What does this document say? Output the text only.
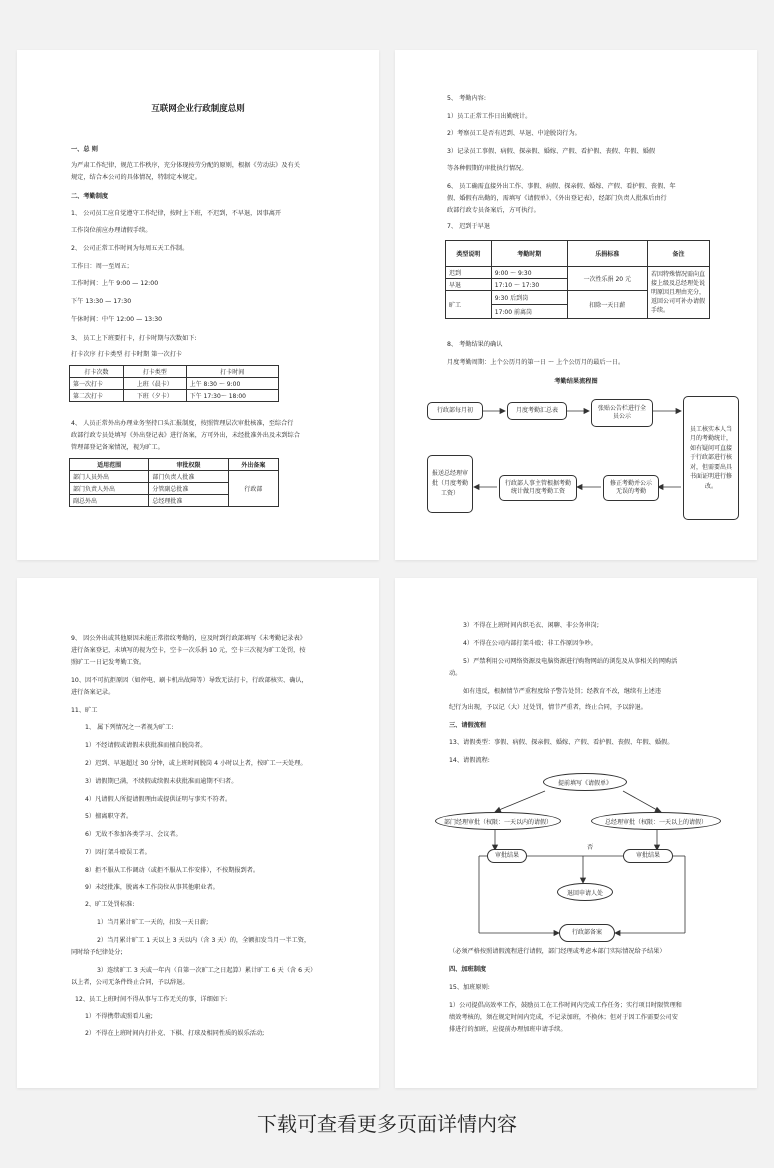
互联网企业行政制度总则
一、总 则
为严肃工作纪律，规范工作秩序，充分体现按劳分配的原则，根据《劳动法》及有关
规定，结合本公司的具体情况，特制定本规定。
二、考勤制度
1、 公司员工应自觉遵守工作纪律，按时上下班，不迟到，不早退，因事离开
工作岗位前应办理请假手续。
2、 公司正常工作时间为每周五天工作制。
工作日：周一至周五；
工作时间：上午 9:00 — 12:00
下午 13:30 — 17:30
午休时间：中午 12:00 — 13:30
3、 员工上下班要打卡，打卡时期与次数如下:
打卡次序 打卡类型 打卡时期 第一次打卡
打卡次数	打卡类型	打卡时间
第一次打卡	上班（晨卡）	上午 8:30 ～ 9:00
第二次打卡	下班（夕卡）	下午 17:30～ 18:00
4、 人员正常外出办理业务坚持口头汇报制度，按照管理层次审批核准，至综合行
政部行政专员处填写《外出登记表》进行备案，方可外出，未经批准外出及未到综合
管理部登记备案情况，视为旷工。
适用范围	审批权限	外出备案
部门人员外出	部门负责人批准	行政部
部门负责人外出	分管副总批准	
副总外出	总经理批准	
5、 考勤内容:
1）员工正常工作日出勤统计。
2）考察员工是否有迟到、早退、中途脱岗行为。
3）记录员工事假、病假、探亲假、婚嫁、产假、看护假、丧假、年假、婚假
等各种假期的审批执行情况。
6、 员工确需直接外出工作、事假、病假、探亲假、婚嫁、产假、看护假、丧假、年
假、婚假有出勤的，需填写《请假单》、《外出登记表》，经部门负责人批准后由行
政部行政专员备案后，方可执行。
7、 迟到于早退
类型说明	考勤时期	乐捐标准	备注
迟到	9:00 ～ 9:30	一次性乐捐 20 元	若因特殊情况需向直接上级及总经理处说明原因且理由充分，返回公司可补办请假手续。
早退	17:10 ～ 17:30		
旷工	9:30 后到岗	扣除一天日薪	
	17:00 前离岗		
8、 考勤结果的确认
月度考勤周期：上个公历月的第一日 ～ 上个公历月的最后一日。
考勤结果流程图
行政部每月初	月度考勤汇总表	张贴公告栏进行全员公示
员工核实本人当月的考勤统计，如有疑问可直接于行政部进行核对，但需要出具书面证明进行修改。
修正考勤并公示无误的考勤
行政部人事主管根据考勤统计做月度考勤工资
报送总经理审批（月度考勤工资）
9、 因公外出或其他原因未能正常指纹考勤的，应及时到行政部填写《未考勤记录表》
进行备案登记，未填写的视为空卡，空卡一次乐捐 10 元，空卡三次视为旷工处罚，按
照旷工一日记发考勤工资。
10、因不可抗拒原因（如停电、刷卡机出故障等）导致无法打卡，行政部核实、确认，
进行备案记录。
11、旷工
1、 属下列情况之一者视为旷工:
1）不经请假或请假未获批准而擅自脱岗者。
2）迟到、早退超过 30 分钟，或上班时间脱岗 4 小时以上者，按旷工一天处理。
3）请假期已满，不续假或续假未获批准而逾期不归者。
4）凡请假人所提请假理由或提供证明与事实不符者。
5）擅离职守者。
6）无故不参加各类学习、会议者。
7）因打架斗殴误工者。
8）拒不服从工作调动（或拒不服从工作安排），不按期报到者。
9）未经批准，脱离本工作岗位从事其他职业者。
2、旷工处罚标准:
1）当月累计旷工一天的，扣发一天日薪;
2）当月累计旷工 1 天以上 3 天以内（含 3 天）的，全额扣发当月一半工资，
同时给予纪律处分;
3）连续旷工 3 天或一年内（自第一次旷工之日起算）累计旷工 6 天（含 6 天）
以上者，公司无条件终止合同，予以辞退。
12、员工上班时间不得从事与工作无关的事，详细如下:
1）不得携带或照看儿童;
2）不得在上班时间内打扑克、下棋、打球及相同性质的娱乐活动;
3）不得在上班时间内织毛衣、闲聊、非公务串岗;
4）不得在公司内部打架斗殴；非工作原因争吵。
5）严禁利用公司网络资源及电脑资源进行购物网站的浏览及从事相关的网购活
动。
如有违反，根据情节严重程度给予警告处罚；经教育不改，继续有上述违
纪行为出现，予以记（大）过处罚，情节严重者，终止合同，予以辞退。
三、请假流程
13、请假类型：事假、病假、探亲假、婚嫁、产假、看护假、丧假、年假、婚假。
14、请假流程:
提前填写《请假单》
部门经理审批（权限：一天以内的请假）	总经理审批（权限：一天以上的请假）
审批结果
否
审批结果
退回申请人处
行政部备案
（必须严格按照请假流程进行请假，部门经理或考虑本部门实际情况给予结果）
四、加班制度
15、加班原则:
1）公司提倡高效率工作，鼓励员工在工作时间内完成工作任务；实行项目时限管理和
绩效考核的，须在规定时间内完成，不记录加班，不换休；但对于因工作需要公司安
排进行的加班，应提前办理加班申请手续。
下载可查看更多页面详情内容
